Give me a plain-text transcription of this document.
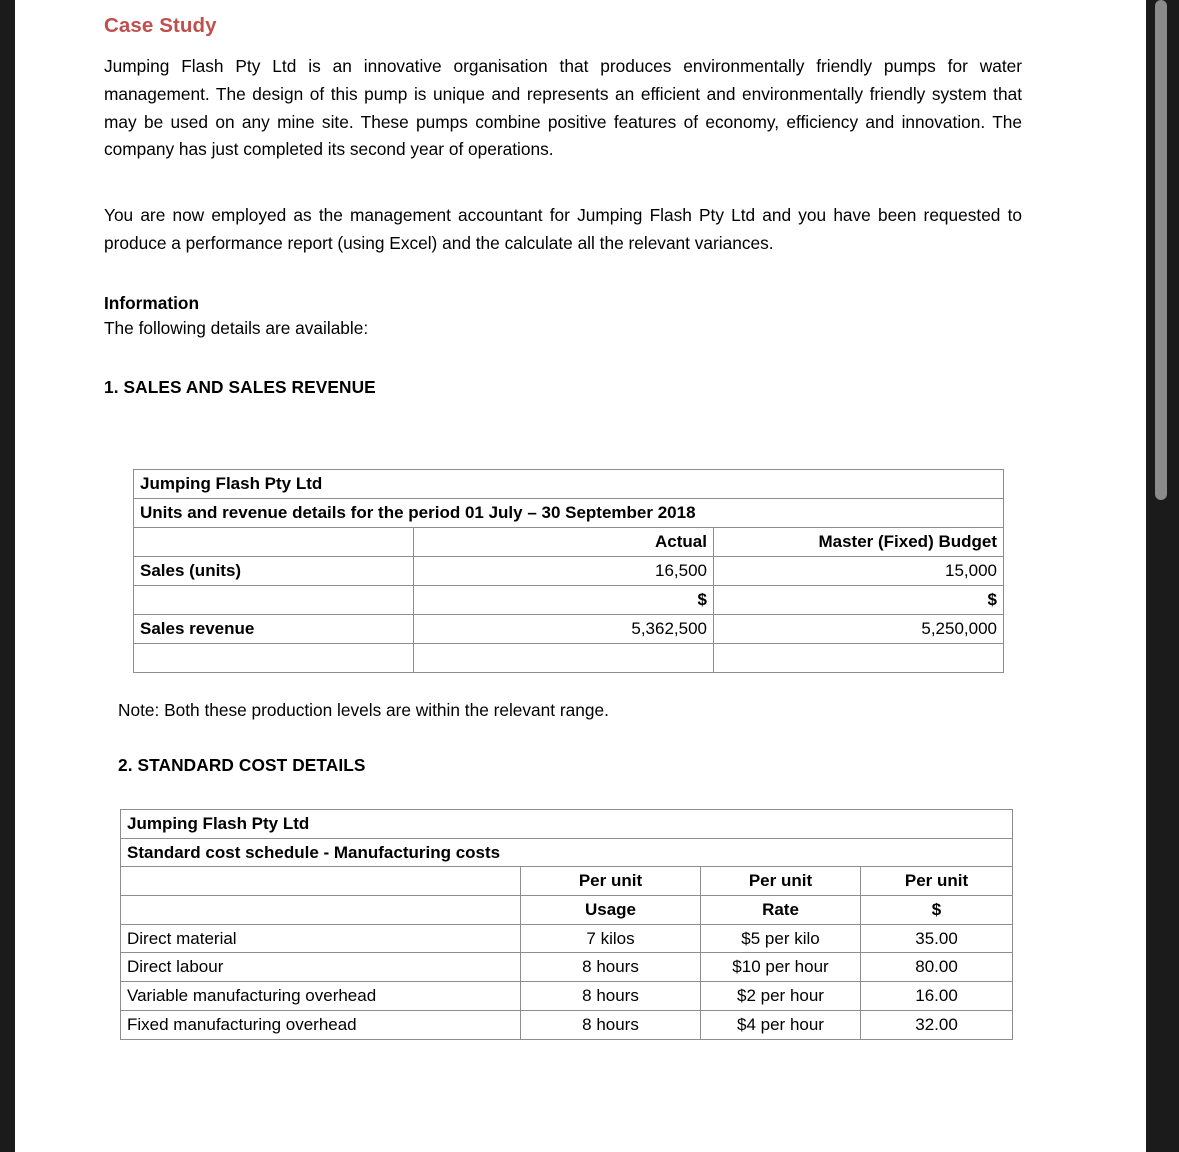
Case Study

Jumping Flash Pty Ltd is an innovative organisation that produces environmentally friendly pumps for water management. The design of this pump is unique and represents an efficient and environmentally friendly system that may be used on any mine site. These pumps combine positive features of economy, efficiency and innovation. The company has just completed its second year of operations.

You are now employed as the management accountant for Jumping Flash Pty Ltd and you have been requested to produce a performance report (using Excel) and the calculate all the relevant variances.

Information
The following details are available:
1. SALES AND SALES REVENUE
Jumping Flash Pty Ltd		
Units and revenue details for the period 01 July – 30 September 2018		
	Actual	Master (Fixed) Budget
Sales (units)	16,500	15,000
	$	$
Sales revenue	5,362,500	5,250,000

Note: Both these production levels are within the relevant range.
2. STANDARD COST DETAILS
Jumping Flash Pty Ltd			
Standard cost schedule - Manufacturing costs			
	Per unit	Per unit	Per unit
	Usage	Rate	$
Direct material	7 kilos	$5 per kilo	35.00
Direct labour	8 hours	$10 per hour	80.00
Variable manufacturing overhead	8 hours	$2 per hour	16.00
Fixed manufacturing overhead	8 hours	$4 per hour	32.00
